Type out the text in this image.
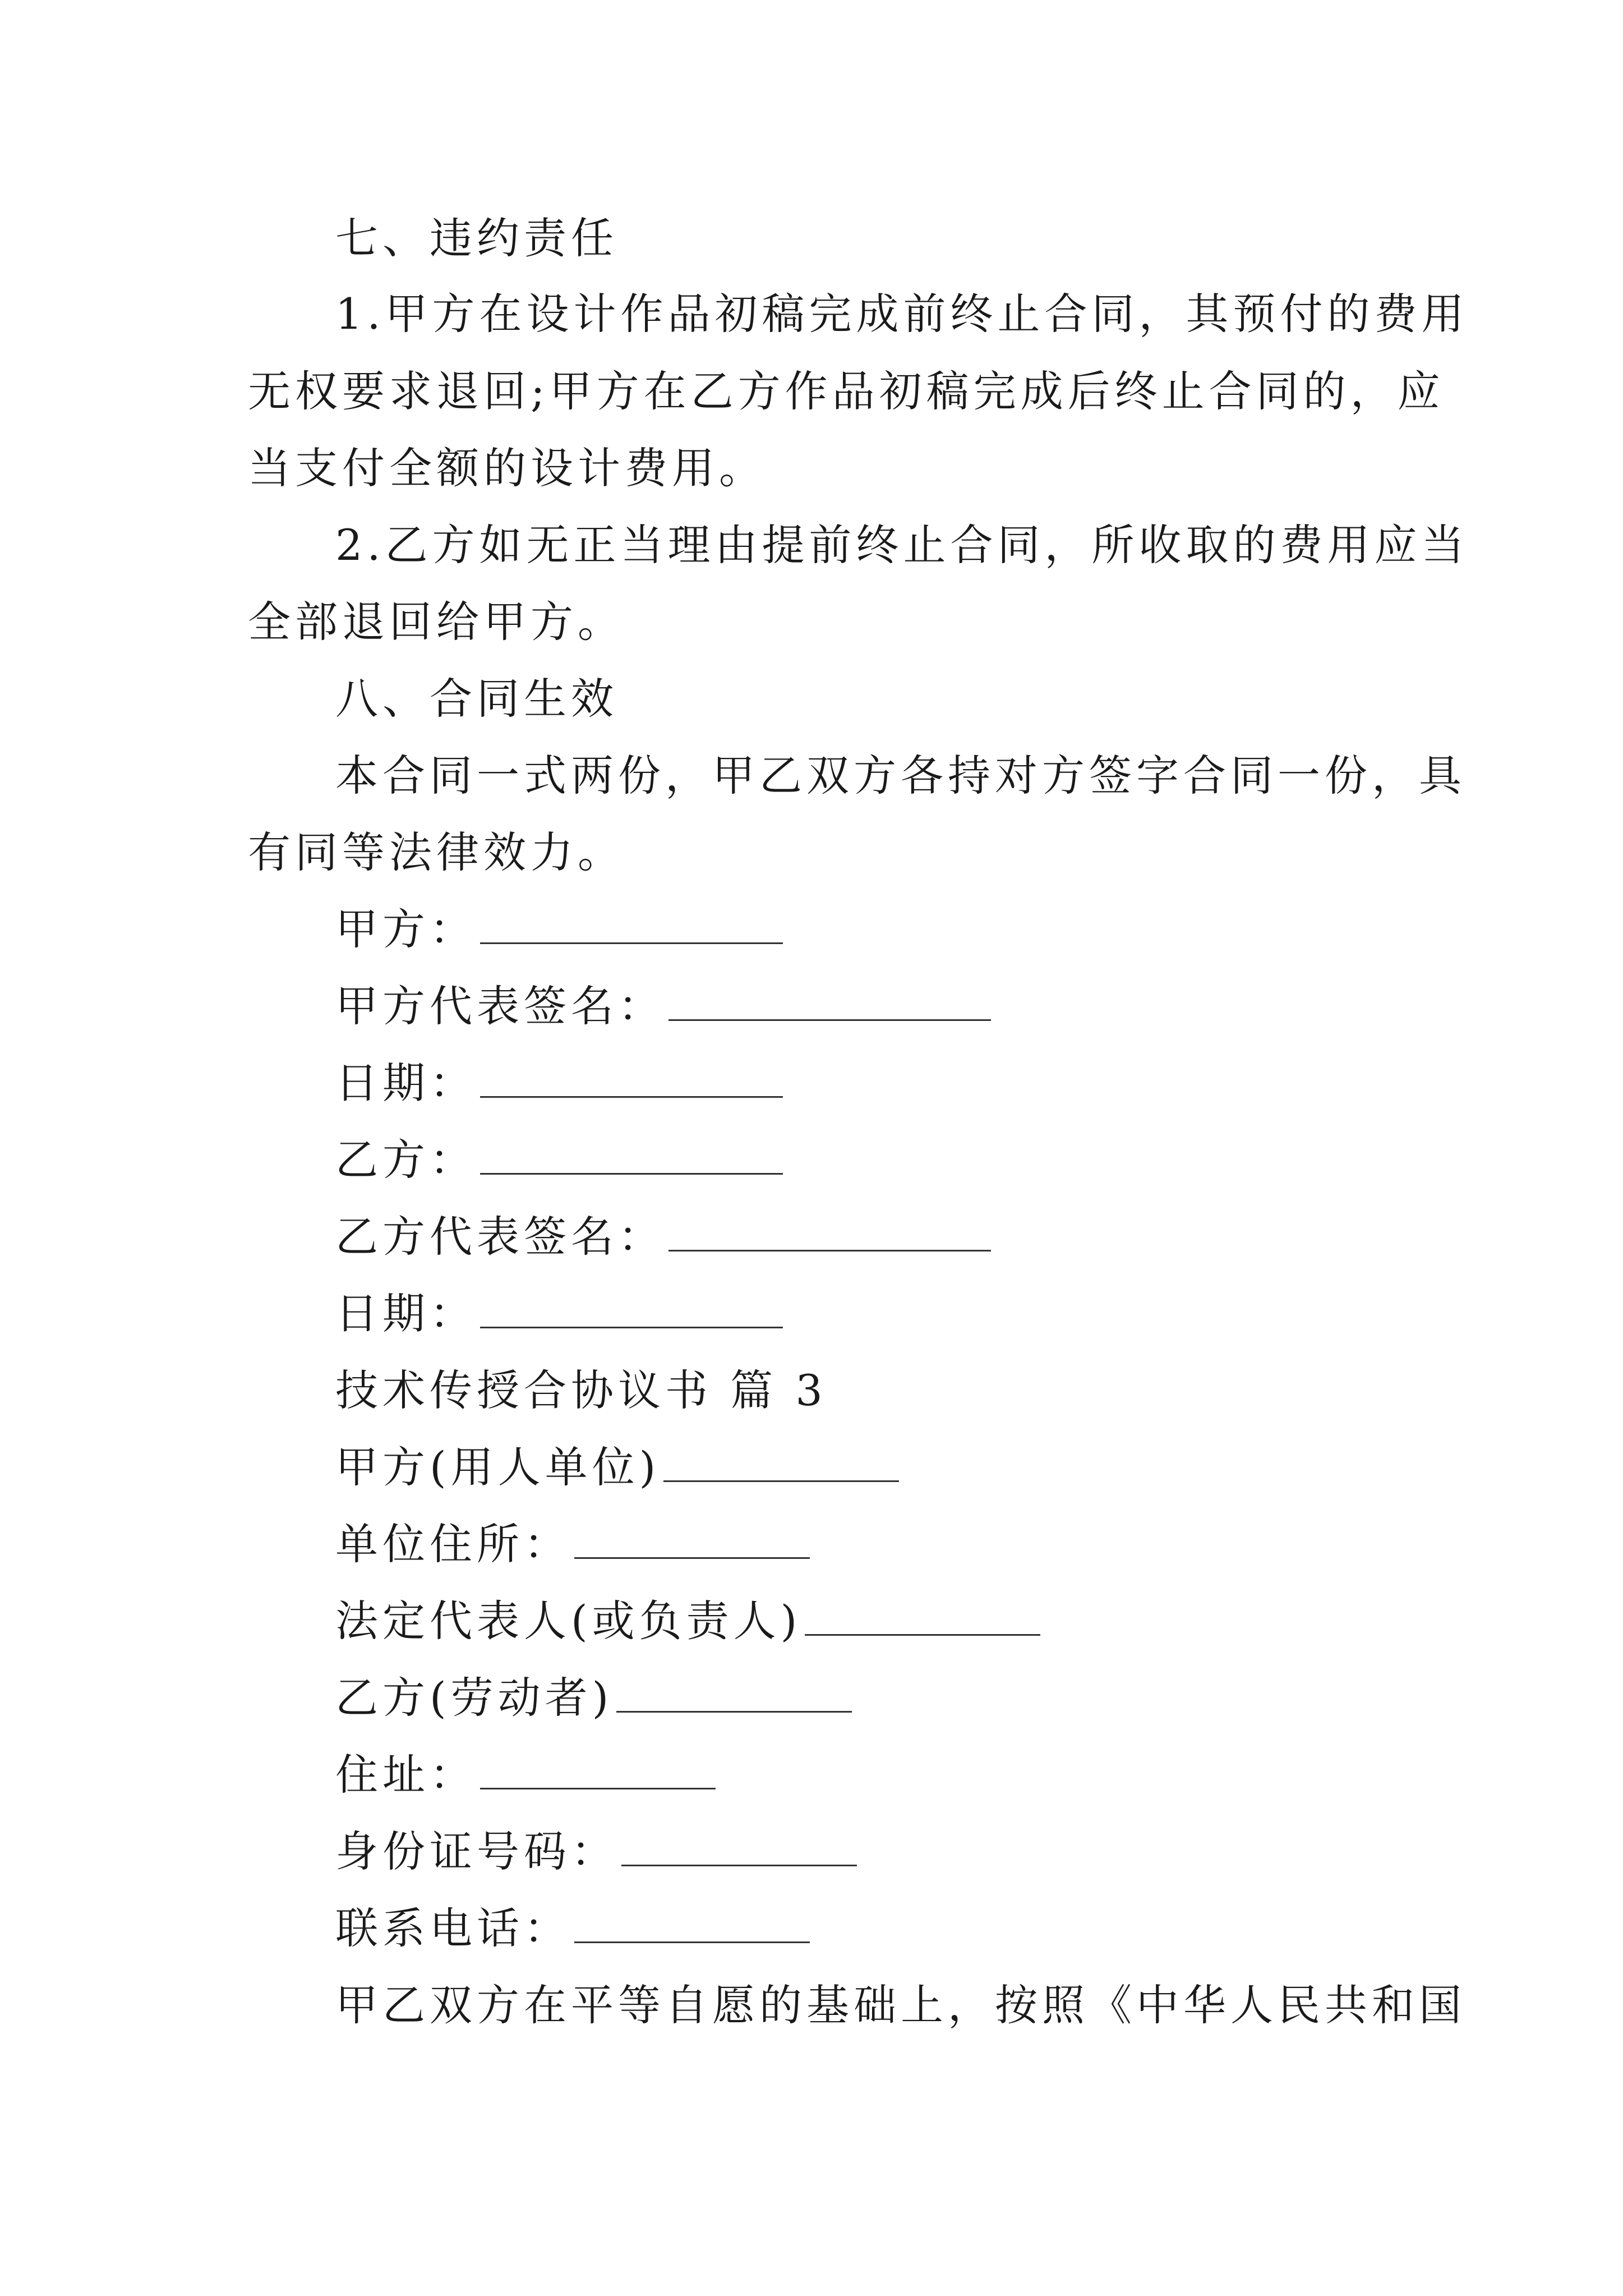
七、违约责任
1.甲方在设计作品初稿完成前终止合同，其预付的费用
无权要求退回;甲方在乙方作品初稿完成后终止合同的，应
当支付全额的设计费用。
2.乙方如无正当理由提前终止合同，所收取的费用应当
全部退回给甲方。
八、合同生效
本合同一式两份，甲乙双方各持对方签字合同一份，具
有同等法律效力。
甲方：
甲方代表签名：
日期：
乙方：
乙方代表签名：
日期：
技术传授合协议书 篇 3
甲方(用人单位)
单位住所：
法定代表人(或负责人)
乙方(劳动者)
住址：
身份证号码：
联系电话：
甲乙双方在平等自愿的基础上，按照《中华人民共和国
